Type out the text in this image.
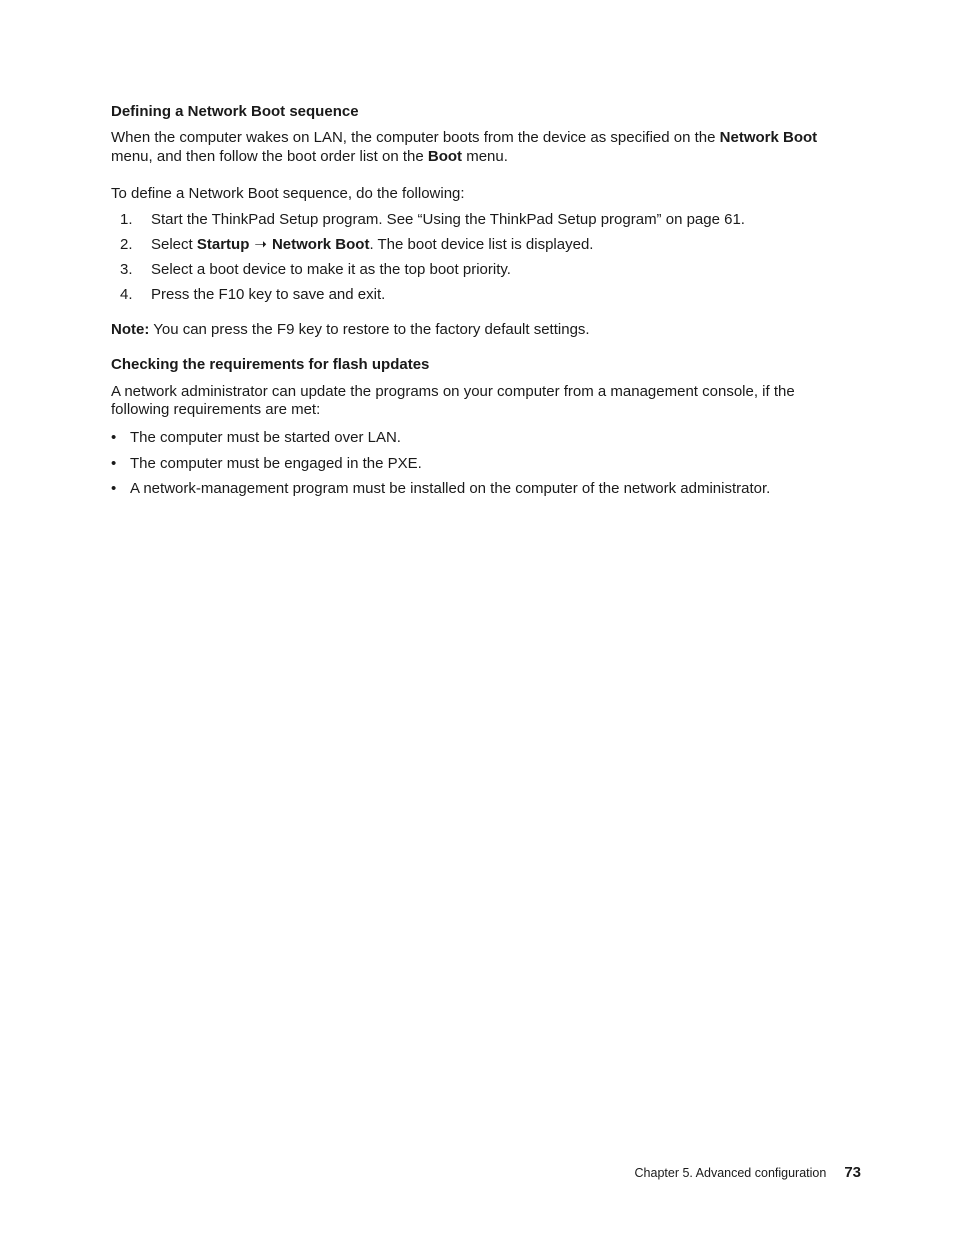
Defining a Network Boot sequence

When the computer wakes on LAN, the computer boots from the device as specified on the Network Boot

menu, and then follow the boot order list on the Boot menu.

To define a Network Boot sequence, do the following:

1. Start the ThinkPad Setup program. See “Using the ThinkPad Setup program” on page 61.
2. Select Startup ➝ Network Boot. The boot device list is displayed.
3. Select a boot device to make it as the top boot priority.
4. Press the F10 key to save and exit.

Note: You can press the F9 key to restore to the factory default settings.

Checking the requirements for flash updates

A network administrator can update the programs on your computer from a management console, if the

following requirements are met:

• The computer must be started over LAN.
• The computer must be engaged in the PXE.
• A network-management program must be installed on the computer of the network administrator.
Chapter 5. Advanced configuration 73
